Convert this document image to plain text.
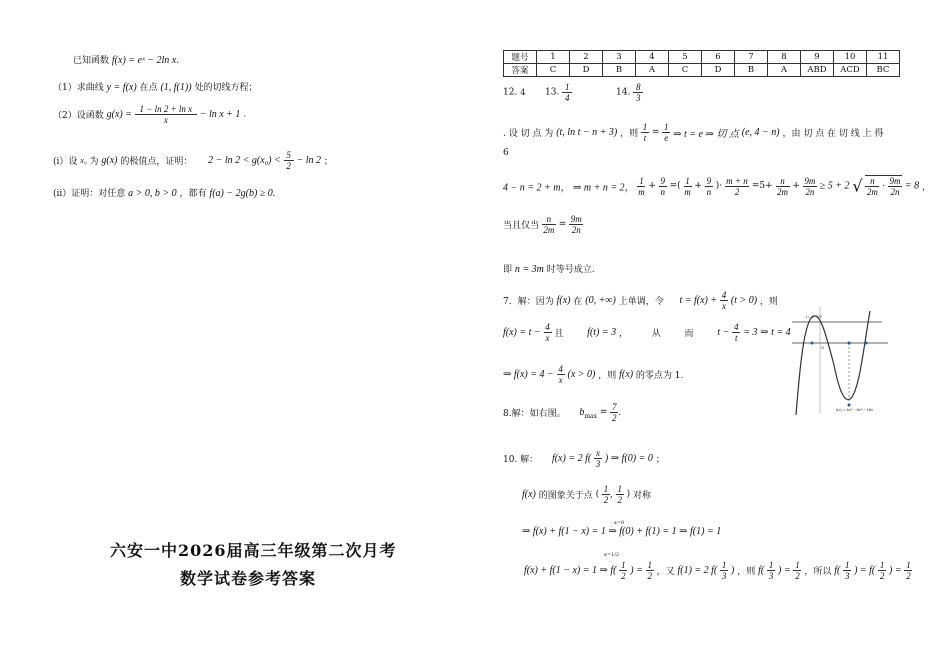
已知函数 f(x) = eˣ − 2ln x.
（1）求曲线 y = f(x) 在点 (1, f(1)) 处的切线方程；
（2）设函数 $g(x) = \frac{\text{1 − ln 2 + ln x}}{x} - \ln x + 1$ .
(i）设 x₀ 为 g(x) 的极值点，证明： $2 - \ln 2 < g(x_0) < \frac{5}{2} - \ln 2$ ；
(ii）证明：对任意 a > 0, b > 0 ，都有 f(a) − 2g(b) ≥ 0.
六安一中2026届高三年级第二次月考
数学试卷参考答案
题号	1	2	3	4	5	6	7	8	9	10	11
答案	C	D	B	A	C	D	B	A	ABD	ACD	BC
12. 4 13. $\frac{1}{4}$	14. $\frac{8}{3}$
. 设 切 点 为 (t, ln t − n + 3) ，则 $\frac{1}{t} = \frac{1}{e}$ ⇒ t = e ⇒ 切 点 (e, 4 − n) ，由 切 点 在 切 线 上 得
6
4 − n = 2 + m， ⇒ m + n = 2， $\frac{1}{m} + \frac{9}{n}$ =( $\frac{1}{m} + \frac{9}{n}$ )· $\frac{m + n}{2} =5+ \frac{n}{2m} + \frac{9m}{2n} \ge 5 + 2$ √ $\frac{n}{2m} \cdot \frac{9m}{2n} = 8$ ，
当且仅当 $\frac{n}{2m} = \frac{9m}{2n}$
即 n = 3m 时等号成立.
7．解：因为 f(x) 在 (0, +∞) 上单调，令 $t = f(x) + \frac{4}{x} (t > 0)$ ，则
$f(x) = t - \frac{4}{x}$ 且 f(t) = 3 ，	从	而 $t - \frac{4}{t} = 3$ ⇒ t = 4
⇒ $f(x) = 4 - \frac{4}{x} (x > 0)$ ，则 f(x) 的零点为 1.
8.解：如右图。 $b_{max} = \frac{7}{2}$ .
t = 1, 7/2
O
f(x) = 4x³ − 8x² − 18x
10. 解： f(x) = 2 $f( \frac{x}{3}$ ) ⇒ f(0) = 0 ；
f(x) 的图象关于点 ( $\frac{1}{2}$ , $\frac{1}{2}$ ) 对称
⇒ f(x) + f(1 − x) = 1 ⇒ f(0) + f(1) = 1 ⇒ f(1) = 1
x=0
f(x) + f(1 − x) = 1 ⇒ f(
x=1/2
$\frac{1}{2}$ ) = $\frac{1}{2}$ ，又 f(1) = 2 $f( \frac{1}{3}$ ) ，则 $f( \frac{1}{3}$ ) = $\frac{1}{2}$ ，所以 $f( \frac{1}{3}$ ) = $f( \frac{1}{2}$ ) = $\frac{1}{2}$
